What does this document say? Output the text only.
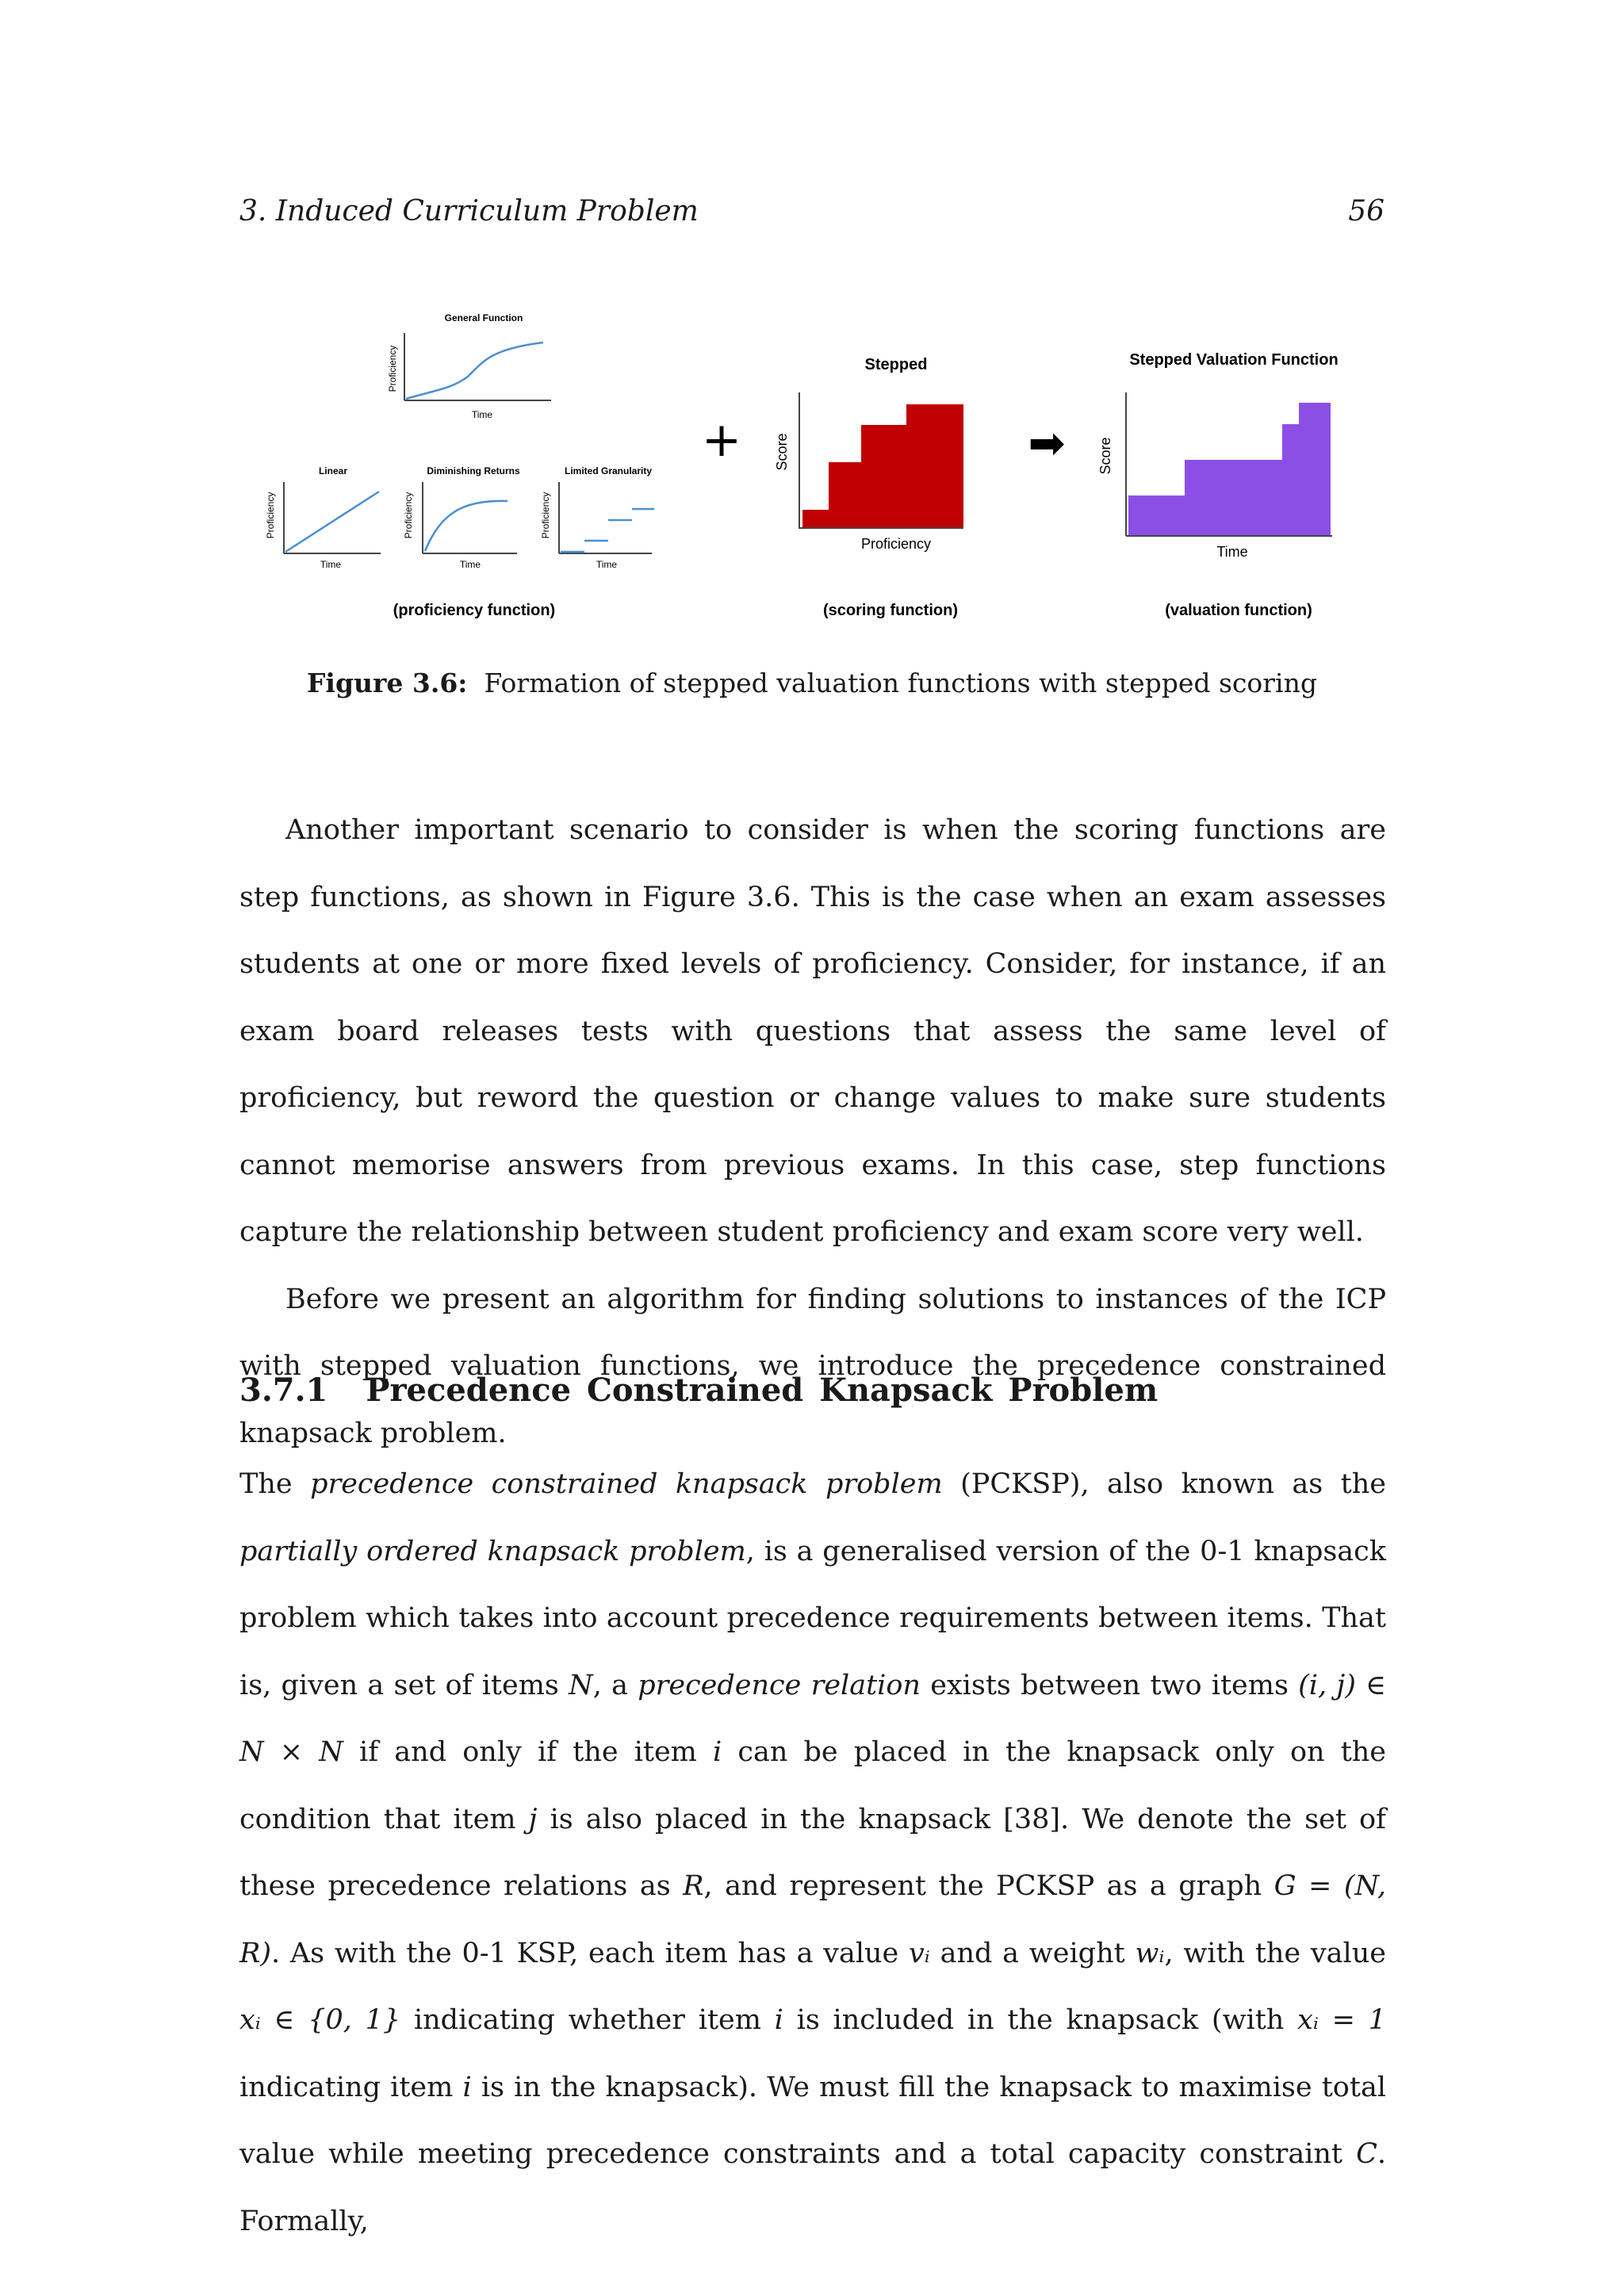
3. Induced Curriculum Problem	56
General Function
Proficiency
Time
Linear
Proficiency
Time
Diminishing Returns
Proficiency
Time
Limited Granularity
Proficiency
Time
+
Stepped
Score
Proficiency
➡
Stepped Valuation Function
Score
Time
(proficiency function)	(scoring function)	(valuation function)
Figure 3.6: Formation of stepped valuation functions with stepped scoring

Another important scenario to consider is when the scoring functions are step functions, as shown in Figure 3.6. This is the case when an exam assesses students at one or more fixed levels of proficiency. Consider, for instance, if an exam board releases tests with questions that assess the same level of proficiency, but reword the question or change values to make sure students cannot memorise answers from previous exams. In this case, step functions capture the relationship between student proficiency and exam score very well.

Before we present an algorithm for finding solutions to instances of the ICP with stepped valuation functions, we introduce the precedence constrained knapsack problem.

3.7.1 Precedence Constrained Knapsack Problem

The precedence constrained knapsack problem (PCKSP), also known as the partially ordered knapsack problem, is a generalised version of the 0-1 knapsack problem which takes into account precedence requirements between items. That is, given a set of items N, a precedence relation exists between two items (i, j) ∈ N × N if and only if the item i can be placed in the knapsack only on the condition that item j is also placed in the knapsack [38]. We denote the set of these precedence relations as R, and represent the PCKSP as a graph G = (N, R). As with the 0-1 KSP, each item has a value vᵢ and a weight wᵢ, with the value xᵢ ∈ {0, 1} indicating whether item i is included in the knapsack (with xᵢ = 1 indicating item i is in the knapsack). We must fill the knapsack to maximise total value while meeting precedence constraints and a total capacity constraint C. Formally,
